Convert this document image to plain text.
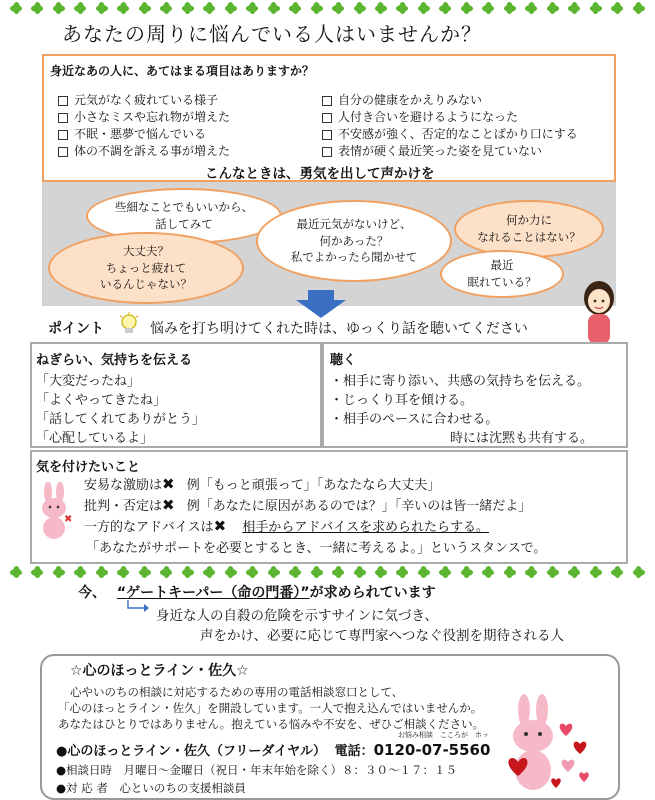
あなたの周りに悩んでいる人はいませんか？
身近なあの人に、あてはまる項目はありますか？
元気がなく疲れている様子
小さなミスや忘れ物が増えた
不眠・悪夢で悩んでいる
体の不調を訴える事が増えた
自分の健康をかえりみない
人付き合いを避けるようになった
不安感が強く、否定的なことばかり口にする
表情が硬く最近笑った姿を見ていない
こんなときは、勇気を出して声かけを
些細なことでもいいから、
話してみて
大丈夫？
ちょっと疲れて
いるんじゃない？
最近元気がないけど、
何かあった？
私でよかったら聞かせて
何か力に
なれることはない？
最近
眠れている？
ポイント	悩みを打ち明けてくれた時は、ゆっくり話を聴いてください
ねぎらい、気持ちを伝える
「大変だったね」
「よくやってきたね」
「話してくれてありがとう」
「心配しているよ」
聴く
・相手に寄り添い、共感の気持ちを伝える。
・じっくり耳を傾ける。
・相手のペースに合わせる。
時には沈黙も共有する。
気を付けたいこと
✖
安易な激励は✖ 例「もっと頑張って」「あなたなら大丈夫」
批判・否定は✖ 例「あなたに原因があるのでは？」「辛いのは皆一緒だよ」
一方的なアドバイスは✖ 相手からアドバイスを求められたらする。
「あなたがサポートを必要とするとき、一緒に考えるよ。」というスタンスで。
今、 “ゲートキーパー（命の門番）”が求められています
身近な人の自殺の危険を示すサインに気づき、
声をかけ、必要に応じて専門家へつなぐ役割を期待される人
☆心のほっとライン・佐久☆
心やいのちの相談に対応するための専用の電話相談窓口として、
「心のほっとライン・佐久」を開設しています。一人で抱え込んではいませんか。
あなたはひとりではありません。抱えている悩みや不安を、ぜひご相談ください。
お悩み相談　こころが　ホッ
●心のほっとライン・佐久（フリーダイヤル） 電話：0120-07-5560
●相談日時　月曜日～金曜日（祝日・年末年始を除く）８：３０～１７：１５
●対 応 者　心といのちの支援相談員
